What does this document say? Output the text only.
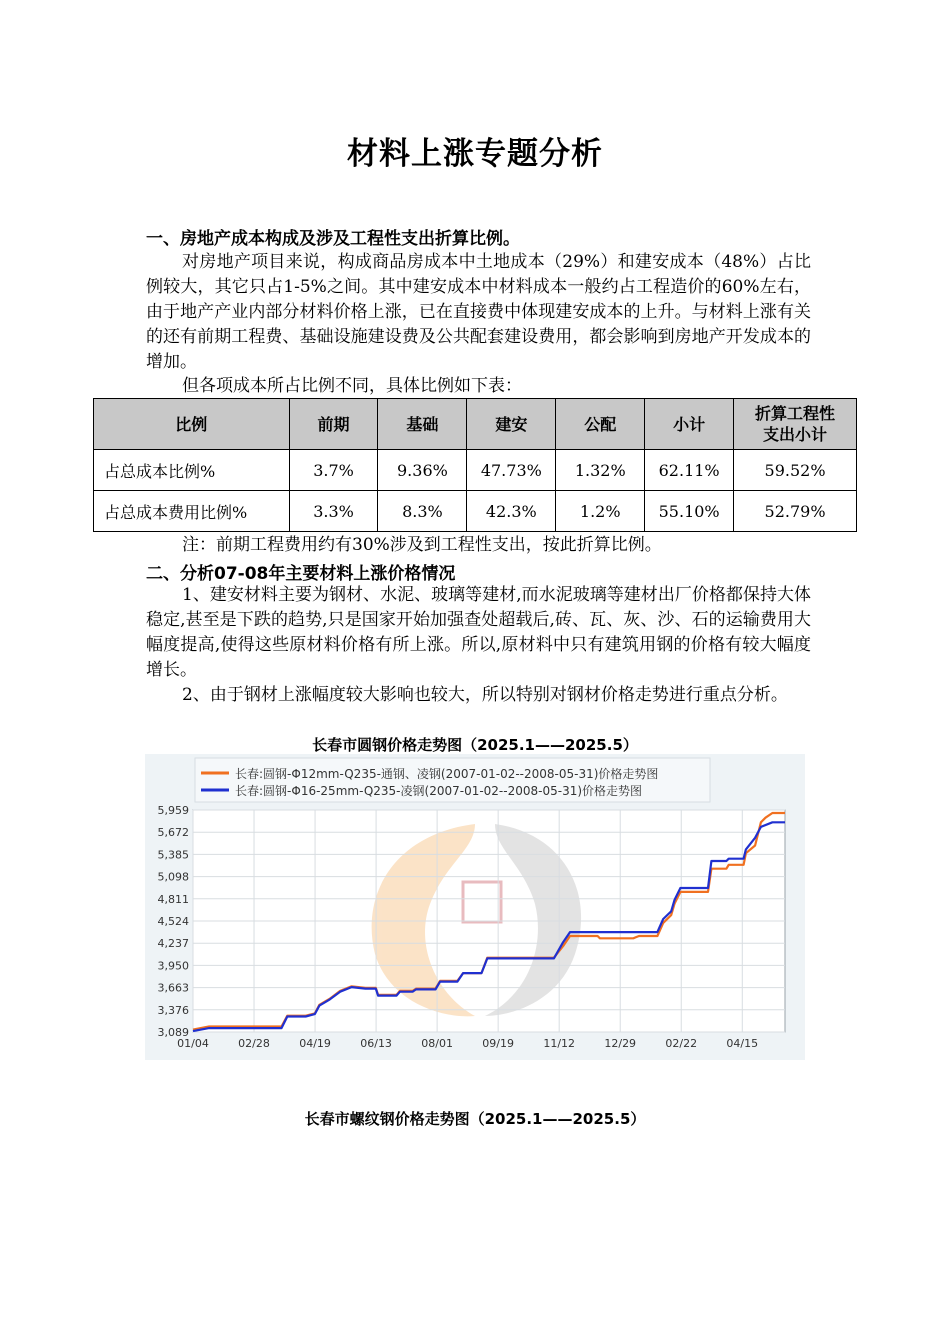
材料上涨专题分析
一、房地产成本构成及涉及工程性支出折算比例。

对房地产项目来说，构成商品房成本中土地成本（29%）和建安成本（48%）占比例较大，其它只占1-5%之间。其中建安成本中材料成本一般约占工程造价的60%左右，由于地产产业内部分材料价格上涨，已在直接费中体现建安成本的上升。与材料上涨有关的还有前期工程费、基础设施建设费及公共配套建设费用，都会影响到房地产开发成本的增加。

但各项成本所占比例不同，具体比例如下表：
比例	前期	基础	建安	公配	小计	折算工程性支出小计
占总成本比例%	3.7%	9.36%	47.73%	1.32%	62.11%	59.52%
占总成本费用比例%	3.3%	8.3%	42.3%	1.2%	55.10%	52.79%
注：前期工程费用约有30%涉及到工程性支出，按此折算比例。
二、分析07-08年主要材料上涨价格情况

1、建安材料主要为钢材、水泥、玻璃等建材,而水泥玻璃等建材出厂价格都保持大体稳定,甚至是下跌的趋势,只是国家开始加强查处超载后,砖、瓦、灰、沙、石的运输费用大幅度提高,使得这些原材料价格有所上涨。所以,原材料中只有建筑用钢的价格有较大幅度增长。

2、由于钢材上涨幅度较大影响也较大，所以特别对钢材价格走势进行重点分析。

长春市圆钢价格走势图（2025.1——2025.5）
长春:圆钢-Φ12mm-Q235-通钢、凌钢(2007-01-02--2008-05-31)价格走势图
长春:圆钢-Φ16-25mm-Q235-凌钢(2007-01-02--2008-05-31)价格走势图
3,089
3,376
3,663
3,950
4,237
4,524
4,811
5,098
5,385
5,672
5,959
01/04	02/28	04/19	06/13	08/01	09/19	11/12	12/29	02/22	04/15
长春市螺纹钢价格走势图（2025.1——2025.5）
